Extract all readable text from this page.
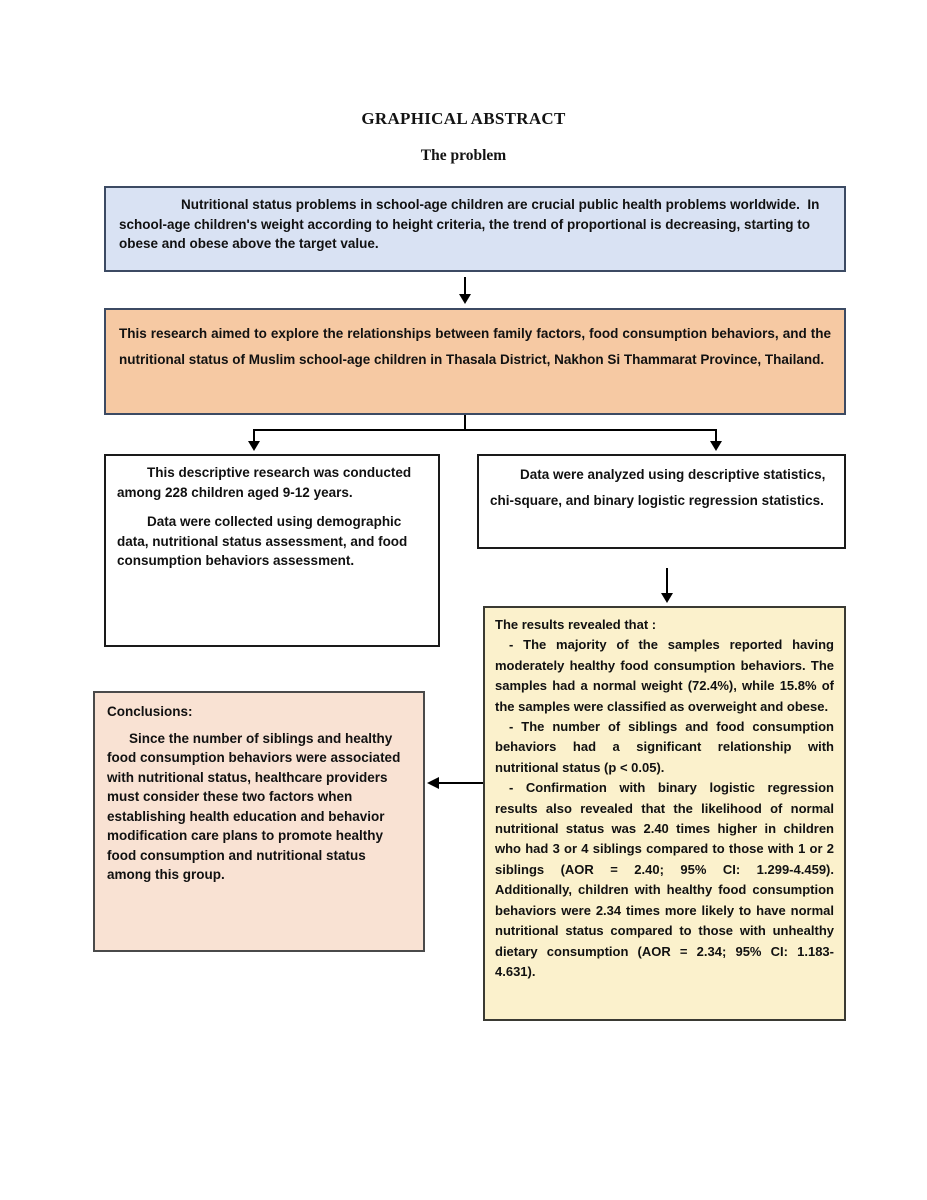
GRAPHICAL ABSTRACT
The problem

Nutritional status problems in school-age children are crucial public health problems worldwide.  In school-age children's weight according to height criteria, the trend of proportional is decreasing, starting to obese and obese above the target value.

This research aimed to explore the relationships between family factors, food consumption behaviors, and the nutritional status of Muslim school-age children in Thasala District, Nakhon Si Thammarat Province, Thailand.

This descriptive research was conducted among 228 children aged 9-12 years.

Data were collected using demographic data, nutritional status assessment, and food consumption behaviors assessment.

Data were analyzed using descriptive statistics, chi-square, and binary logistic regression statistics.

The results revealed that :

- The majority of the samples reported having moderately healthy food consumption behaviors. The samples had a normal weight (72.4%), while 15.8% of the samples were classified as overweight and obese.

- The number of siblings and food consumption behaviors had a significant relationship with nutritional status (p < 0.05).

- Confirmation with binary logistic regression results also revealed that the likelihood of normal nutritional status was 2.40 times higher in children who had 3 or 4 siblings compared to those with 1 or 2 siblings (AOR = 2.40; 95% CI: 1.299-4.459). Additionally, children with healthy food consumption behaviors were 2.34 times more likely to have normal nutritional status compared to those with unhealthy dietary consumption (AOR = 2.34; 95% CI: 1.183-4.631).

Conclusions:

Since the number of siblings and healthy food consumption behaviors were associated with nutritional status, healthcare providers must consider these two factors when establishing health education and behavior modification care plans to promote healthy food consumption and nutritional status among this group.
